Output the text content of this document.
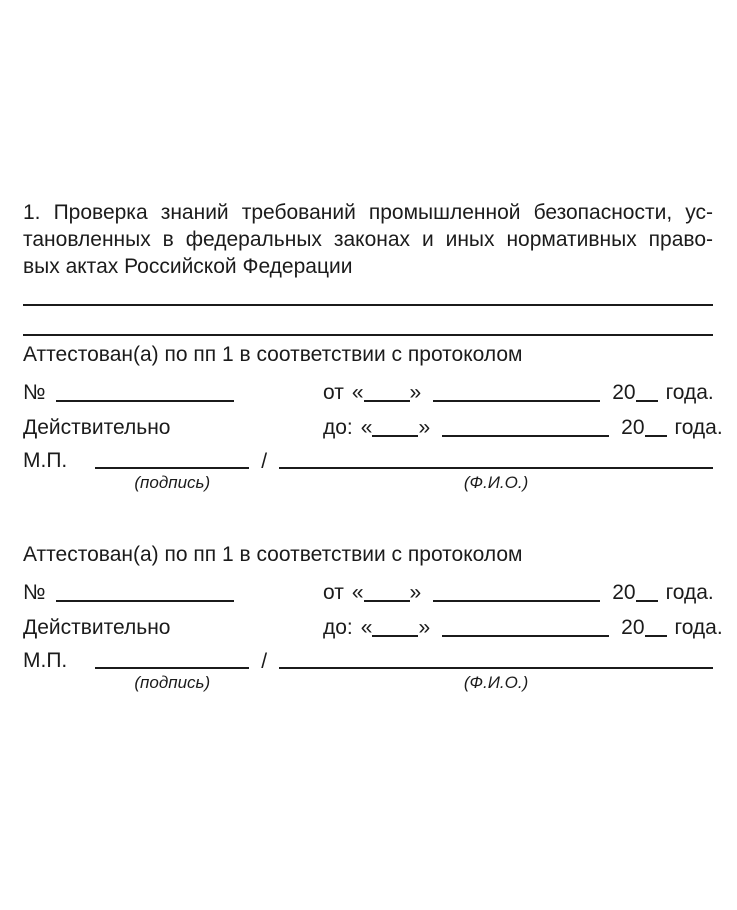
1. Проверка знаний требований промышленной безопасности, ус-
тановленных в федеральных законах и иных нормативных право-
вых актах Российской Федерации
Аттестован(а) по пп 1 в соответствии с протоколом
№	от « »	20 года.
Действительно	до: « »	20 года.
М.П.
(подпись)
/
(Ф.И.О.)
Аттестован(а) по пп 1 в соответствии с протоколом
№	от « »	20 года.
Действительно	до: « »	20 года.
М.П.
(подпись)
/
(Ф.И.О.)
